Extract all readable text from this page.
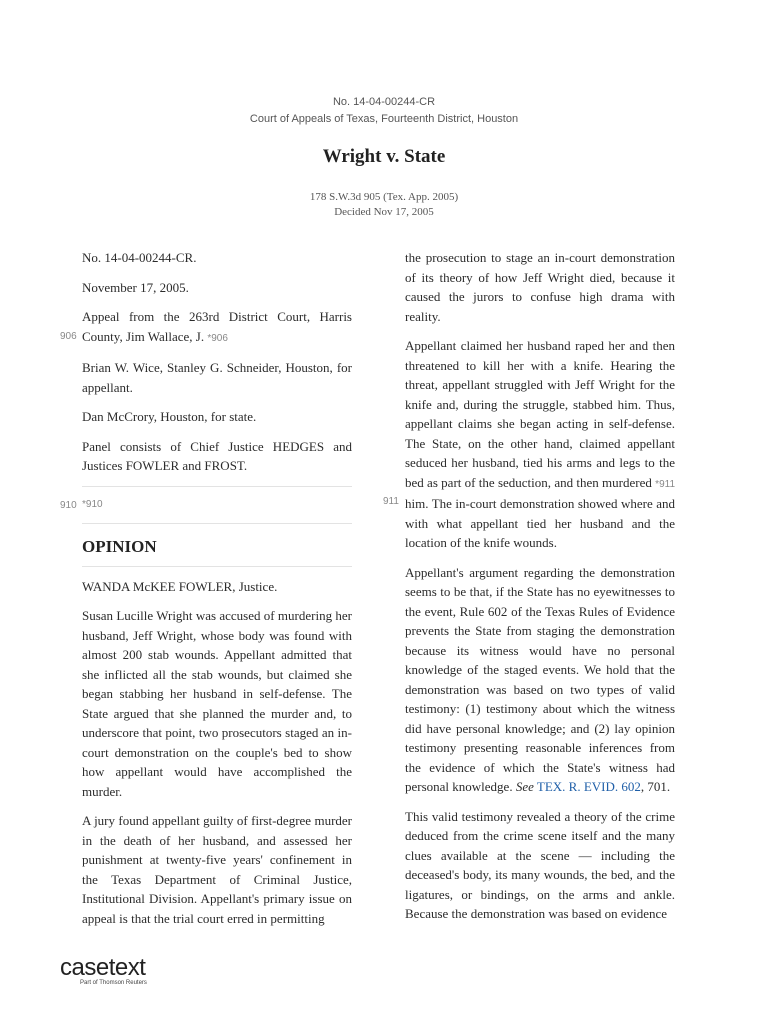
No. 14-04-00244-CR
Court of Appeals of Texas, Fourteenth District, Houston
Wright v. State
178 S.W.3d 905 (Tex. App. 2005)
Decided Nov 17, 2005
906
910	911

No. 14-04-00244-CR.

November 17, 2005.

Appeal from the 263rd District Court, Harris County, Jim Wallace, J. *906

Brian W. Wice, Stanley G. Schneider, Houston, for appellant.

Dan McCrory, Houston, for state.

Panel consists of Chief Justice HEDGES and Justices FOWLER and FROST.

*910
OPINION

WANDA McKEE FOWLER, Justice.

Susan Lucille Wright was accused of murdering her husband, Jeff Wright, whose body was found with almost 200 stab wounds. Appellant admitted that she inflicted all the stab wounds, but claimed she began stabbing her husband in self-defense. The State argued that she planned the murder and, to underscore that point, two prosecutors staged an in-court demonstration on the couple's bed to show how appellant would have accomplished the murder.

A jury found appellant guilty of first-degree murder in the death of her husband, and assessed her punishment at twenty-five years' confinement in the Texas Department of Criminal Justice, Institutional Division. Appellant's primary issue on appeal is that the trial court erred in permitting

the prosecution to stage an in-court demonstration of its theory of how Jeff Wright died, because it caused the jurors to confuse high drama with reality.

Appellant claimed her husband raped her and then threatened to kill her with a knife. Hearing the threat, appellant struggled with Jeff Wright for the knife and, during the struggle, stabbed him. Thus, appellant claims she began acting in self-defense. The State, on the other hand, claimed appellant seduced her husband, tied his arms and legs to the bed as part of the seduction, and then murdered *911 him. The in-court demonstration showed where and with what appellant tied her husband and the location of the knife wounds.

Appellant's argument regarding the demonstration seems to be that, if the State has no eyewitnesses to the event, Rule 602 of the Texas Rules of Evidence prevents the State from staging the demonstration because its witness would have no personal knowledge of the staged events. We hold that the demonstration was based on two types of valid testimony: (1) testimony about which the witness did have personal knowledge; and (2) lay opinion testimony presenting reasonable inferences from the evidence of which the State's witness had personal knowledge. See TEX. R. EVID. 602, 701.

This valid testimony revealed a theory of the crime deduced from the crime scene itself and the many clues available at the scene — including the deceased's body, its many wounds, the bed, and the ligatures, or bindings, on the arms and ankle. Because the demonstration was based on evidence

casetext
Part of Thomson Reuters
